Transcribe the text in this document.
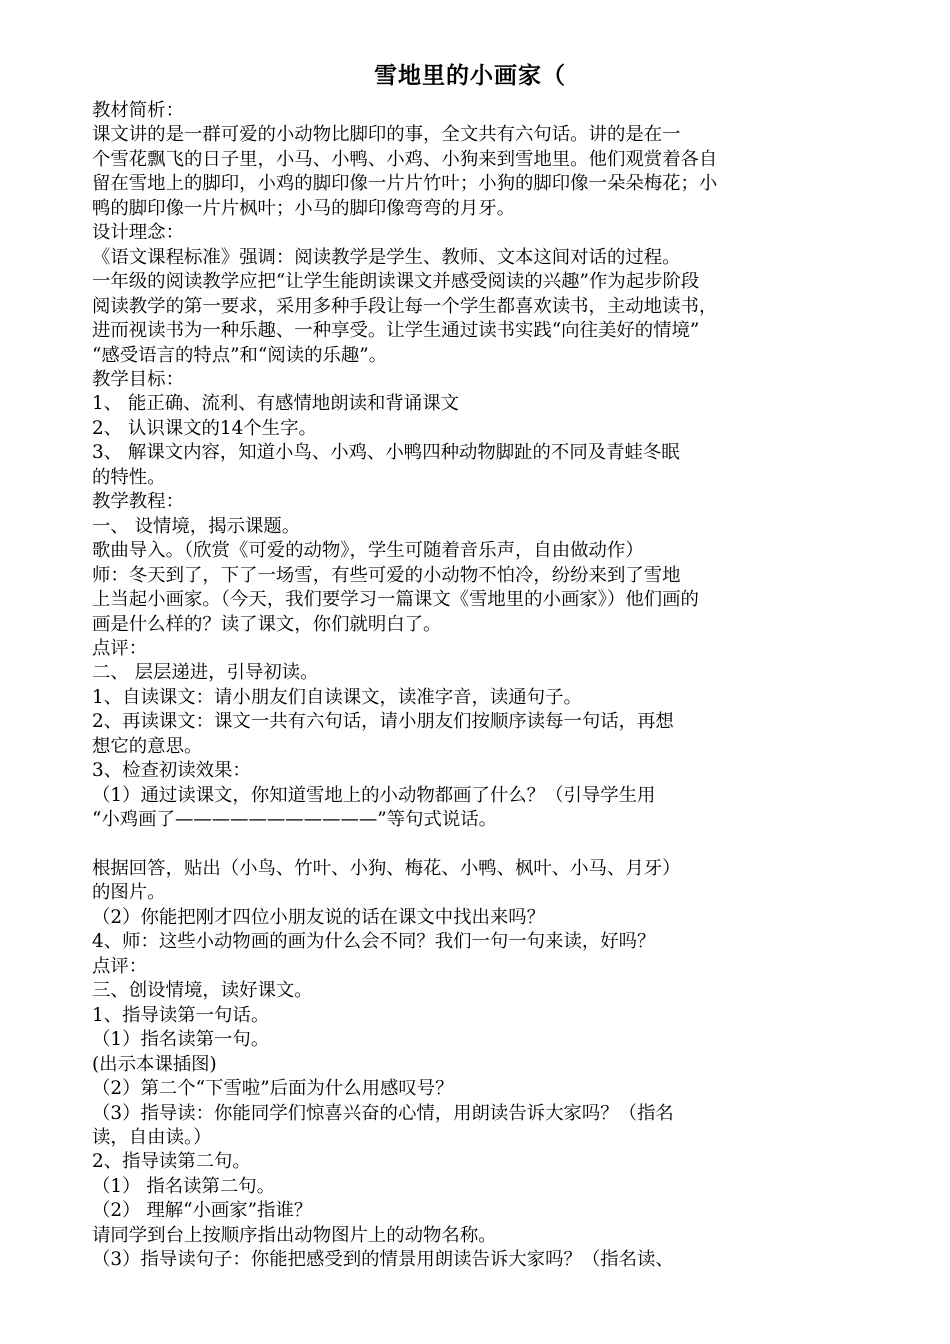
雪地里的小画家（

教材简析：

课文讲的是一群可爱的小动物比脚印的事，全文共有六句话。讲的是在一

个雪花飘飞的日子里，小马、小鸭、小鸡、小狗来到雪地里。他们观赏着各自

留在雪地上的脚印，小鸡的脚印像一片片竹叶；小狗的脚印像一朵朵梅花；小

鸭的脚印像一片片枫叶；小马的脚印像弯弯的月牙。

设计理念：

《语文课程标准》强调：阅读教学是学生、教师、文本这间对话的过程。

一年级的阅读教学应把“让学生能朗读课文并感受阅读的兴趣”作为起步阶段

阅读教学的第一要求，采用多种手段让每一个学生都喜欢读书，主动地读书，

进而视读书为一种乐趣、一种享受。让学生通过读书实践“向往美好的情境”

“感受语言的特点”和“阅读的乐趣”。

教学目标：

1、 能正确、流利、有感情地朗读和背诵课文

2、 认识课文的14个生字。

3、 解课文内容，知道小鸟、小鸡、小鸭四种动物脚趾的不同及青蛙冬眠

的特性。

教学教程：

一、 设情境，揭示课题。

歌曲导入。（欣赏《可爱的动物》，学生可随着音乐声，自由做动作）

师：冬天到了，下了一场雪，有些可爱的小动物不怕冷，纷纷来到了雪地

上当起小画家。（今天，我们要学习一篇课文《雪地里的小画家》）他们画的

画是什么样的？读了课文，你们就明白了。

点评：

二、 层层递进，引导初读。

1、自读课文：请小朋友们自读课文，读准字音，读通句子。

2、再读课文：课文一共有六句话，请小朋友们按顺序读每一句话，再想

想它的意思。

3、检查初读效果：

（1）通过读课文，你知道雪地上的小动物都画了什么？（引导学生用

“小鸡画了———————————”等句式说话。

根据回答，贴出（小鸟、竹叶、小狗、梅花、小鸭、枫叶、小马、月牙）

的图片。

（2）你能把刚才四位小朋友说的话在课文中找出来吗？

4、师：这些小动物画的画为什么会不同？我们一句一句来读，好吗？

点评：

三、创设情境，读好课文。

1、指导读第一句话。

（1）指名读第一句。

(出示本课插图)

（2）第二个“下雪啦”后面为什么用感叹号？

（3）指导读：你能同学们惊喜兴奋的心情，用朗读告诉大家吗？（指名

读，自由读。）

2、指导读第二句。

（1） 指名读第二句。

（2） 理解“小画家”指谁？

请同学到台上按顺序指出动物图片上的动物名称。

（3）指导读句子：你能把感受到的情景用朗读告诉大家吗？（指名读、
